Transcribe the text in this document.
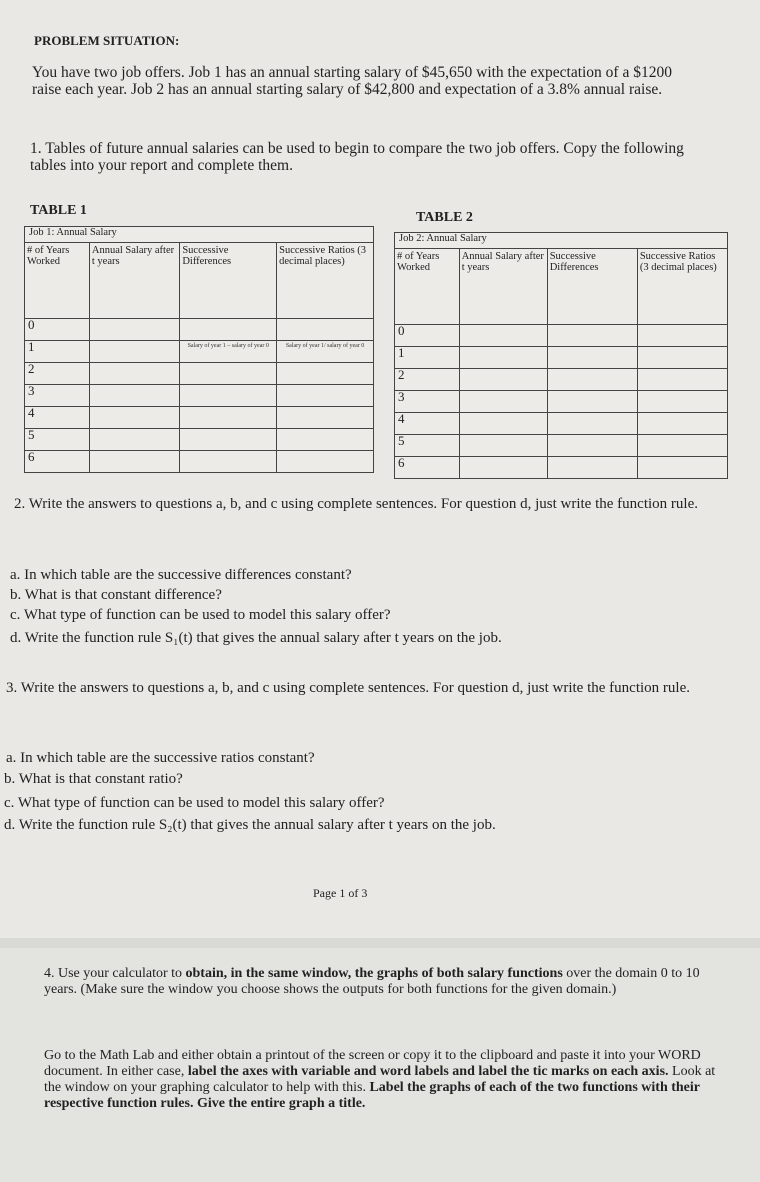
PROBLEM SITUATION:
You have two job offers. Job 1 has an annual starting salary of $45,650 with the expectation of a $1200 raise each year. Job 2 has an annual starting salary of $42,800 and expectation of a 3.8% annual raise.
1. Tables of future annual salaries can be used to begin to compare the two job offers. Copy the following tables into your report and complete them.
TABLE 1
Job 1: Annual Salary			
# of Years Worked	Annual Salary after t years	Successive Differences	Successive Ratios (3 decimal places)
0			
1		Salary of year 1 – salary of year 0	Salary of year 1/ salary of year 0
2			
3			
4			
5			
6			
TABLE 2
Job 2: Annual Salary			
# of Years Worked	Annual Salary after t years	Successive Differences	Successive Ratios (3 decimal places)
0			
1			
2			
3			
4			
5			
6			
2. Write the answers to questions a, b, and c using complete sentences. For question d, just write the function rule.
a. In which table are the successive differences constant?
b. What is that constant difference?
c. What type of function can be used to model this salary offer?
d. Write the function rule S₁(t) that gives the annual salary after t years on the job.
3. Write the answers to questions a, b, and c using complete sentences. For question d, just write the function rule.
a. In which table are the successive ratios constant?
b. What is that constant ratio?
c. What type of function can be used to model this salary offer?
d. Write the function rule S₂(t) that gives the annual salary after t years on the job.
Page 1 of 3
4. Use your calculator to obtain, in the same window, the graphs of both salary functions over the domain 0 to 10 years. (Make sure the window you choose shows the outputs for both functions for the given domain.)
Go to the Math Lab and either obtain a printout of the screen or copy it to the clipboard and paste it into your WORD document. In either case, label the axes with variable and word labels and label the tic marks on each axis. Look at the window on your graphing calculator to help with this. Label the graphs of each of the two functions with their respective function rules. Give the entire graph a title.
